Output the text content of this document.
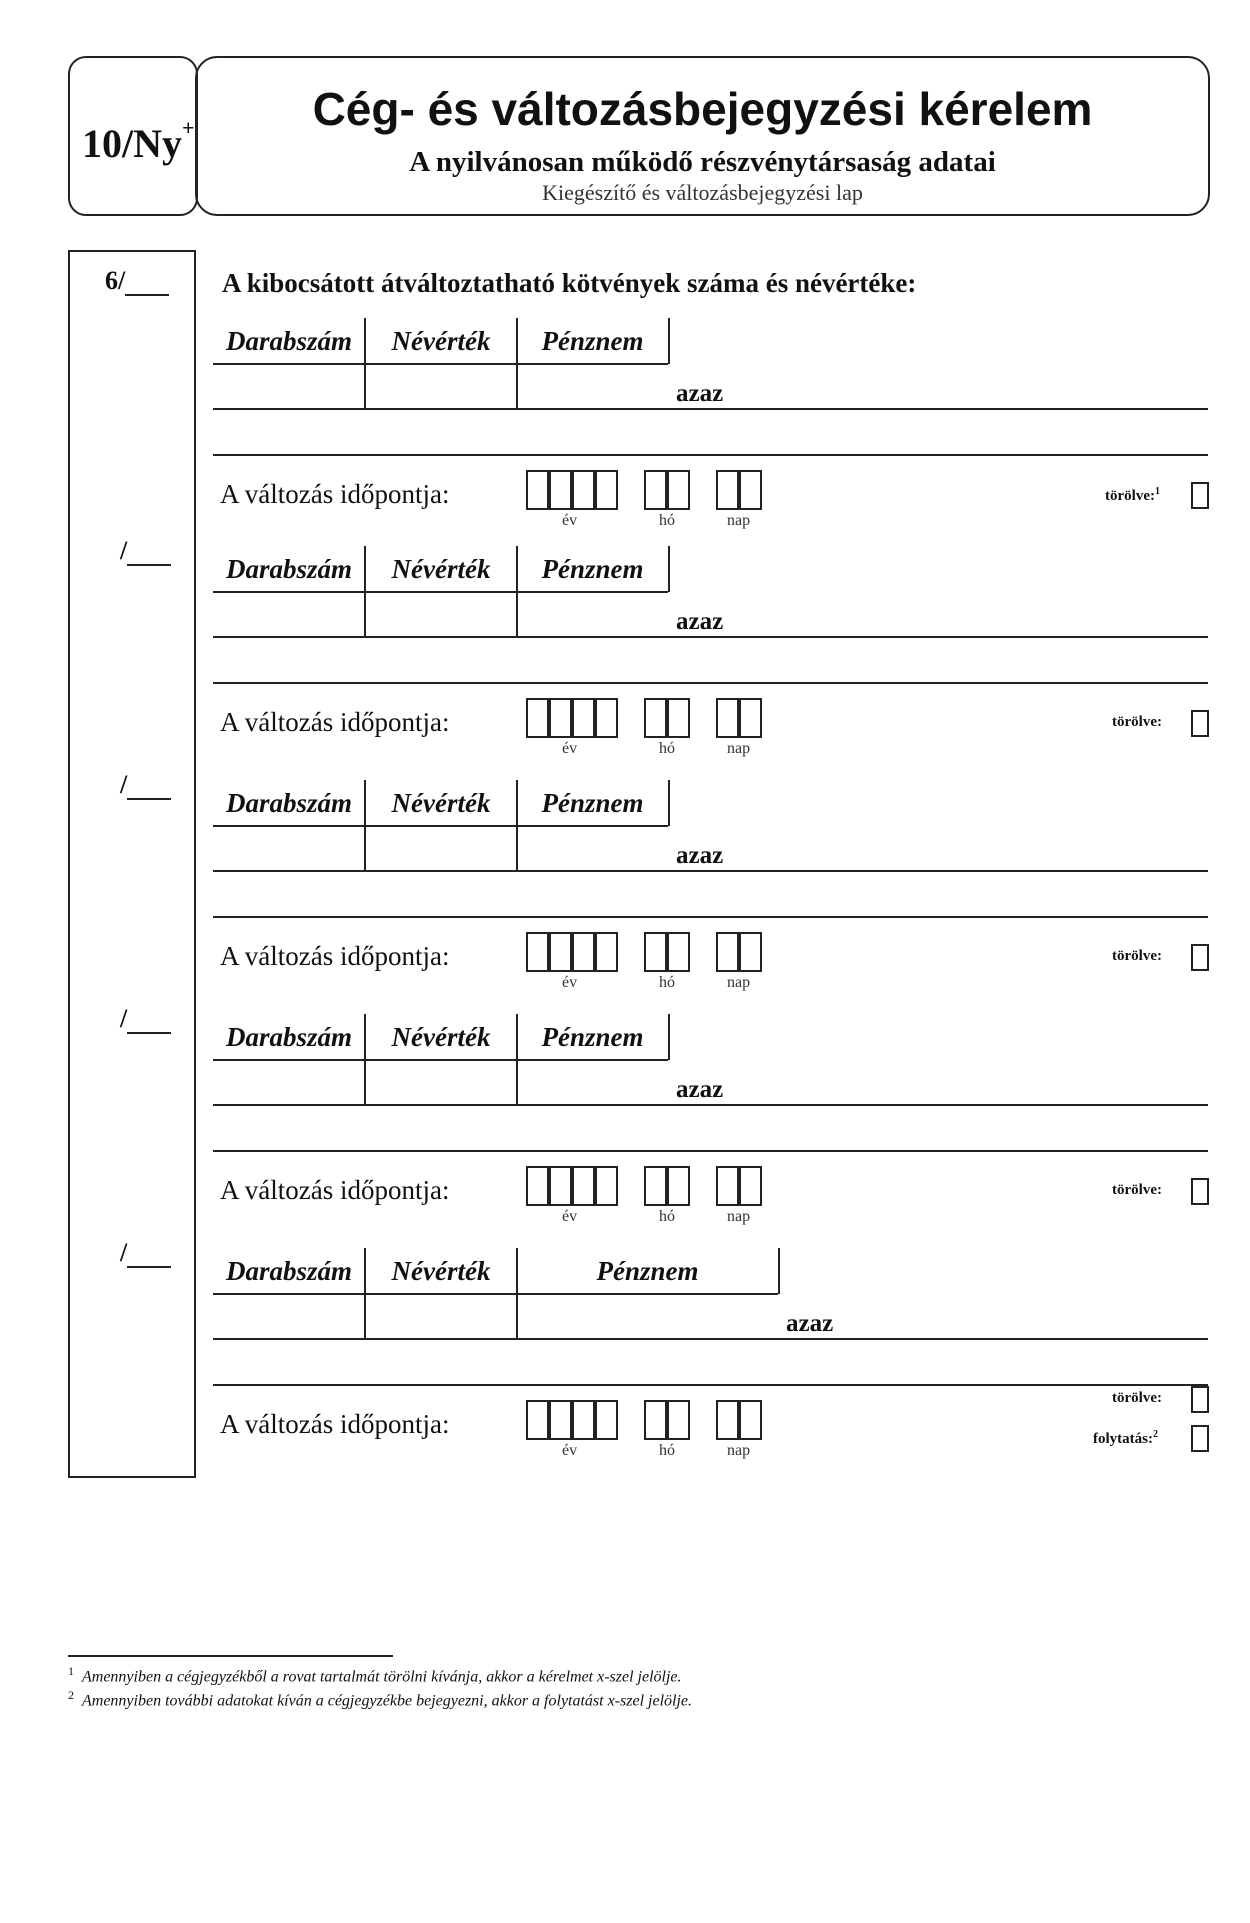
10/Ny+	Cég- és változásbejegyzési kérelem
A nyilvánosan működő részvénytársaság adatai
Kiegészítő és változásbejegyzési lap
A kibocsátott átváltoztatható kötvények száma és névértéke:
6/
Darabszám	Névérték	Pénznem
azaz
A változás időpontja:
év	hó	nap
törölve:$^1$
/
Darabszám	Névérték	Pénznem
azaz
A változás időpontja:
év	hó	nap
törölve:
/
Darabszám	Névérték	Pénznem
azaz
A változás időpontja:
év	hó	nap
törölve:
/
Darabszám	Névérték	Pénznem
azaz
A változás időpontja:
év	hó	nap
törölve:
/
Darabszám	Névérték	Pénznem
azaz
A változás időpontja:
év	hó	nap
törölve:
folytatás:$^2$
$^1$ Amennyiben a cégjegyzékből a rovat tartalmát törölni kívánja, akkor a kérelmet x-szel jelölje.
$^2$ Amennyiben további adatokat kíván a cégjegyzékbe bejegyezni, akkor a folytatást x-szel jelölje.
